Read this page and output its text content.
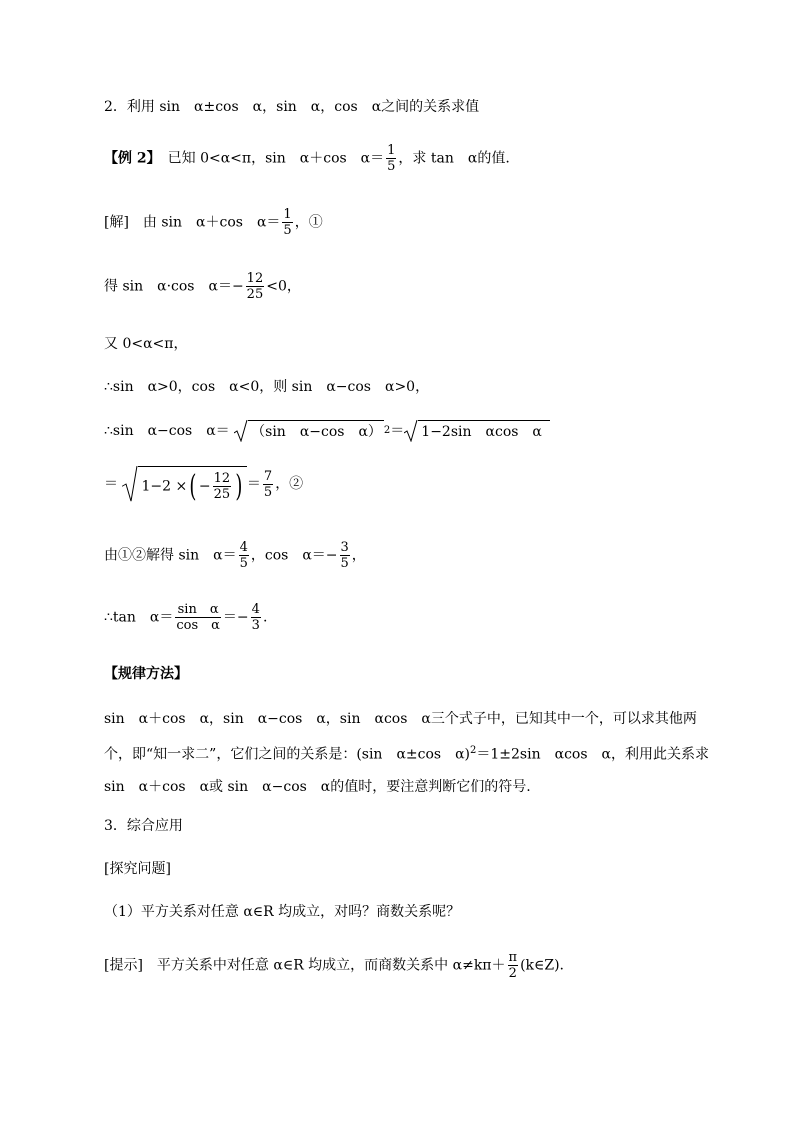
2．利用 sin　α±cos　α，sin　α，cos　α之间的关系求值
【例 2】　已知 0<α<π，sin　α＋cos　$\alpha= \frac{1}{5}$ ，求 tan　α的值.
[解]　由 sin　α＋cos　$\alpha= \frac{1}{5}$ ，①
得 sin　α·cos　$\alpha=- \frac{12}{25} <0$，
又 0<α<π，
∴sin　α>0，cos　α<0，则 sin　α−cos　α>0，
∴sin　α−cos　α＝ （sin　α−cos　α） 2＝ 1−2sin　αcos　α
＝ 1−2 ×( − $\frac{12}{25}$ ) ＝ $\frac{7}{5}$ ，②
由①②解得 sin　$\alpha= \frac{4}{5}$ ，cos　$\alpha=- \frac{3}{5}$ ，
∴tan　$\alpha= \frac{\text{sin　α}}{\text{cos　α}} =- \frac{4}{3}$ .
【规律方法】
sin　α＋cos　α，sin　α−cos　α，sin　αcos　α三个式子中，已知其中一个，可以求其他两个，即“知一求二”，它们之间的关系是：(sin　α±cos　α)$^2$＝1±2sin　αcos　α，利用此关系求 sin　α＋cos　α或 sin　α−cos　α的值时，要注意判断它们的符号.
3．综合应用
[探究问题]
（1）平方关系对任意 α∈R 均成立，对吗？商数关系呢？
[提示]　平方关系中对任意 α∈R 均成立，而商数关系中 $\alpha\ne k\pi+ \frac{\pi}{2}$ (k∈Z).
